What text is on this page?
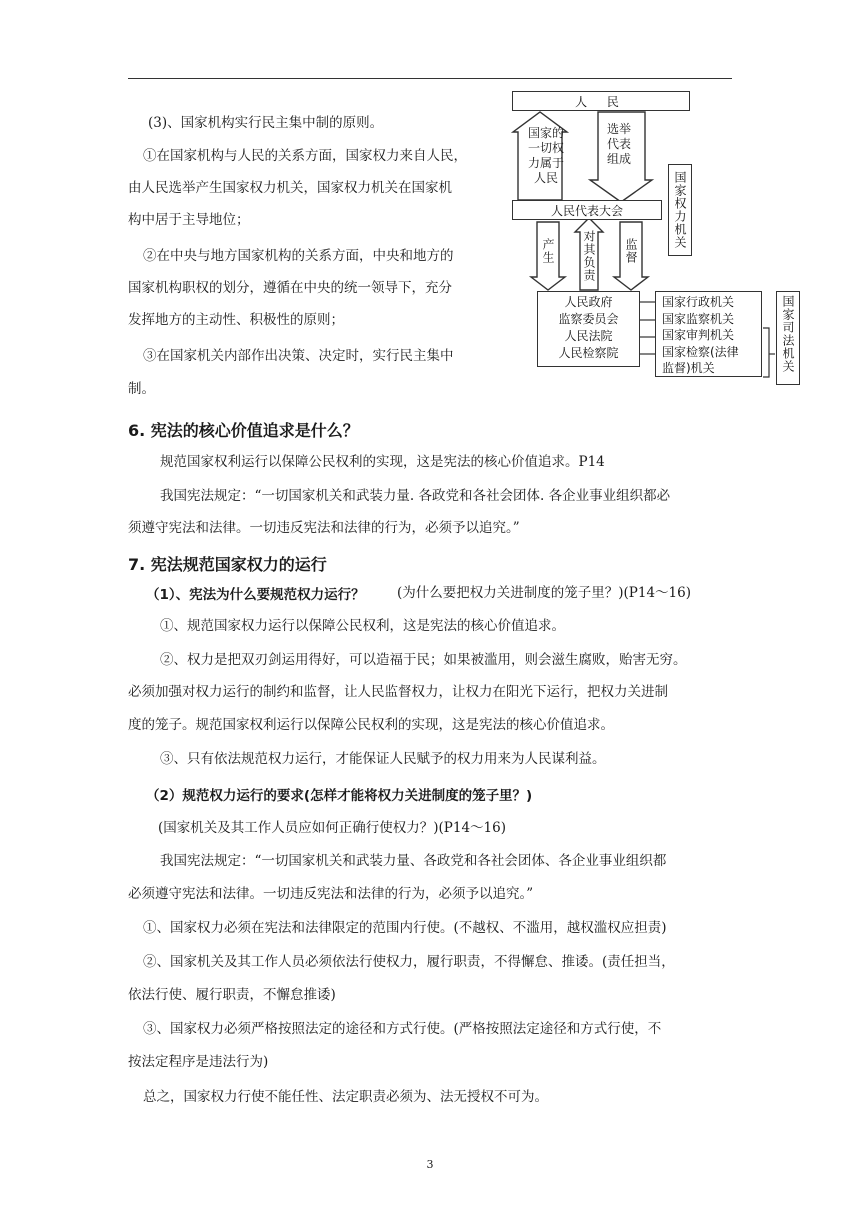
(3)、国家机构实行民主集中制的原则。
①在国家机构与人民的关系方面，国家权力来自人民，
由人民选举产生国家权力机关，国家权力机关在国家机
构中居于主导地位；
②在中央与地方国家机构的关系方面，中央和地方的
国家机构职权的划分，遵循在中央的统一领导下，充分
发挥地方的主动性、积极性的原则；
③在国家机关内部作出决策、决定时，实行民主集中
制。
人 民
国家的
一切权
力属于
人民
选举
代表
组成
人民代表大会	国家权力机关
产生 对其负责 监督
人民政府
监察委员会
人民法院
人民检察院
国家行政机关
国家监察机关
国家审判机关
国家检察(法律
监督)机关	国家司法机关
6. 宪法的核心价值追求是什么？
规范国家权利运行以保障公民权利的实现，这是宪法的核心价值追求。P14
我国宪法规定：“一切国家机关和武装力量. 各政党和各社会团体. 各企业事业组织都必
须遵守宪法和法律。一切违反宪法和法律的行为，必须予以追究。”
7. 宪法规范国家权力的运行
（1）、宪法为什么要规范权力运行？ (为什么要把权力关进制度的笼子里？)(P14～16)
①、规范国家权力运行以保障公民权利，这是宪法的核心价值追求。
②、权力是把双刃剑运用得好，可以造福于民；如果被滥用，则会滋生腐败，贻害无穷。
必须加强对权力运行的制约和监督，让人民监督权力，让权力在阳光下运行，把权力关进制
度的笼子。规范国家权利运行以保障公民权利的实现，这是宪法的核心价值追求。
③、只有依法规范权力运行，才能保证人民赋予的权力用来为人民谋利益。
（2）规范权力运行的要求(怎样才能将权力关进制度的笼子里？)
(国家机关及其工作人员应如何正确行使权力？)(P14～16)
我国宪法规定：“一切国家机关和武装力量、各政党和各社会团体、各企业事业组织都
必须遵守宪法和法律。一切违反宪法和法律的行为，必须予以追究。”
①、国家权力必须在宪法和法律限定的范围内行使。(不越权、不滥用，越权滥权应担责)
②、国家机关及其工作人员必须依法行使权力，履行职责，不得懈怠、推诿。(责任担当，
依法行使、履行职责，不懈怠推诿)
③、国家权力必须严格按照法定的途径和方式行使。(严格按照法定途径和方式行使，不
按法定程序是违法行为)
总之，国家权力行使不能任性、法定职责必须为、法无授权不可为。
3
